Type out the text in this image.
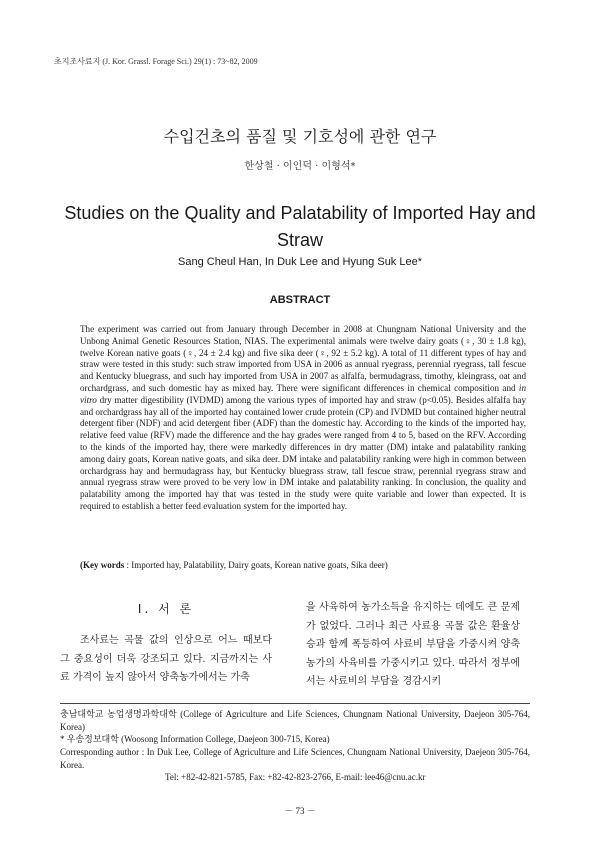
초지조사료지 (J. Kor. Grassl. Forage Sci.) 29(1) : 73~82, 2009
수입건초의 품질 및 기호성에 관한 연구
한상철 · 이인덕 · 이형석*
Studies on the Quality and Palatability of Imported Hay and Straw
Sang Cheul Han, In Duk Lee and Hyung Suk Lee*
ABSTRACT

The experiment was carried out from January through December in 2008 at Chungnam National University and the Unbong Animal Genetic Resources Station, NIAS. The experimental animals were twelve dairy goats (♀, 30 ± 1.8 kg), twelve Korean native goats (♀, 24 ± 2.4 kg) and five sika deer (♀, 92 ± 5.2 kg). A total of 11 different types of hay and straw were tested in this study: such straw imported from USA in 2006 as annual ryegrass, perennial ryegrass, tall fescue and Kentucky bluegrass, and such hay imported from USA in 2007 as alfalfa, bermudagrass, timothy, kleingrass, oat and orchardgrass, and such domestic hay as mixed hay. There were significant differences in chemical composition and in vitro dry matter digestibility (IVDMD) among the various types of imported hay and straw (p<0.05). Besides alfalfa hay and orchardgrass hay all of the imported hay contained lower crude protein (CP) and IVDMD but contained higher neutral detergent fiber (NDF) and acid detergent fiber (ADF) than the domestic hay. According to the kinds of the imported hay, relative feed value (RFV) made the difference and the hay grades were ranged from 4 to 5, based on the RFV. According to the kinds of the imported hay, there were markedly differences in dry matter (DM) intake and palatability ranking among dairy goats, Korean native goats, and sika deer. DM intake and palatability ranking were high in common between orchardgrass hay and bermudagrass hay, but Kentucky bluegrass straw, tall fescue straw, perennial ryegrass straw and annual ryegrass straw were proved to be very low in DM intake and palatability ranking. In conclusion, the quality and palatability among the imported hay that was tested in the study were quite variable and lower than expected. It is required to establish a better feed evaluation system for the imported hay.

(Key words : Imported hay, Palatability, Dairy goats, Korean native goats, Sika deer)

Ⅰ. 서 론

조사료는 곡물 값의 인상으로 어느 때보다 그 중요성이 더욱 강조되고 있다. 지금까지는 사료 가격이 높지 않아서 양축농가에서는 가축

을 사육하여 농가소득을 유지하는 데에도 큰 문제가 없었다. 그러나 최근 사료용 곡물 값은 환율상승과 함께 폭등하여 사료비 부담을 가중시켜 양축농가의 사육비를 가중시키고 있다. 따라서 정부에서는 사료비의 부담을 경감시키

충남대학교 농업생명과학대학 (College of Agriculture and Life Sciences, Chungnam National University, Daejeon 305-764, Korea)

* 우송정보대학 (Woosong Information College, Daejeon 300-715, Korea)

Corresponding author : In Duk Lee, College of Agriculture and Life Sciences, Chungnam National University, Daejeon 305-764, Korea.

Tel: +82-42-821-5785, Fax: +82-42-823-2766, E-mail: lee46@cnu.ac.kr

－ 73 －
